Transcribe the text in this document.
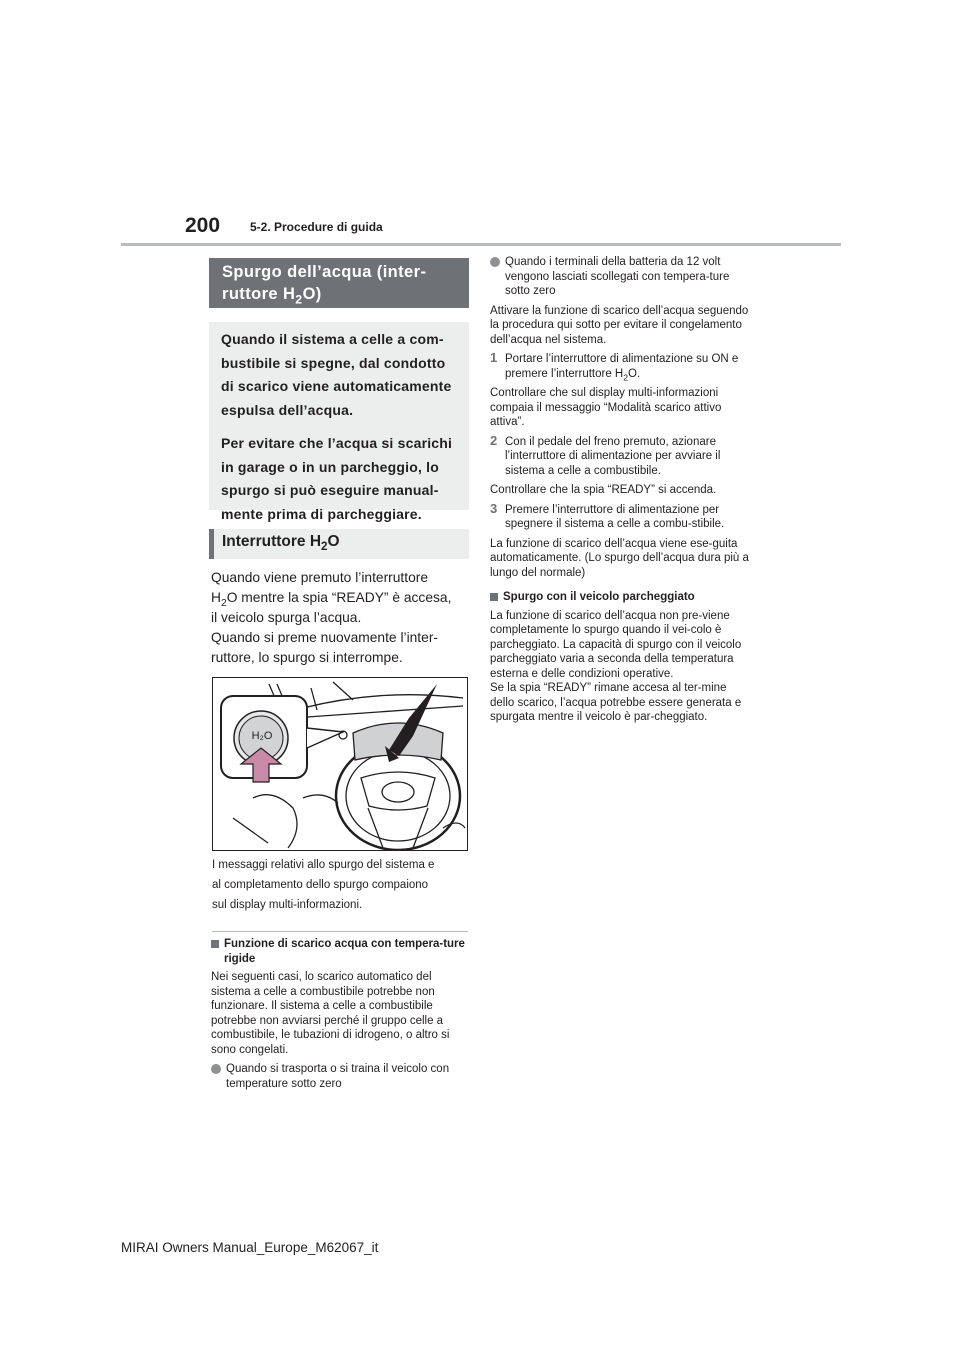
200 5-2. Procedure di guida
Spurgo dell’acqua (inter-
ruttore $H_2O$)

Quando il sistema a celle a com-bustibile si spegne, dal condotto di scarico viene automaticamente espulsa dell’acqua.

Per evitare che l’acqua si scarichi in garage o in un parcheggio, lo spurgo si può eseguire manual-mente prima di parcheggiare.

Interruttore $H_2O$

Quando viene premuto l’interruttore

$H_2O$ mentre la spia “READY” è accesa,

il veicolo spurga l’acqua.

Quando si preme nuovamente l’inter-

ruttore, lo spurgo si interrompe.

H₂O
I messaggi relativi allo spurgo del sistema e
al completamento dello spurgo compaiono
sul display multi-informazioni.

Funzione di scarico acqua con tempera-ture rigide

Nei seguenti casi, lo scarico automatico del sistema a celle a combustibile potrebbe non funzionare. Il sistema a celle a combustibile potrebbe non avviarsi perché il gruppo celle a combustibile, le tubazioni di idrogeno, o altro si sono congelati.

Quando si trasporta o si traina il veicolo con temperature sotto zero

Quando i terminali della batteria da 12 volt vengono lasciati scollegati con tempera-ture sotto zero

Attivare la funzione di scarico dell’acqua seguendo la procedura qui sotto per evitare il congelamento dell’acqua nel sistema.

1 Portare l’interruttore di alimentazione su ON e premere l’interruttore $H_2O$.

Controllare che sul display multi-informazioni compaia il messaggio “Modalità scarico attivo attiva”.

2 Con il pedale del freno premuto, azionare l’interruttore di alimentazione per avviare il sistema a celle a combustibile.

Controllare che la spia “READY” si accenda.

3 Premere l’interruttore di alimentazione per spegnere il sistema a celle a combu-stibile.

La funzione di scarico dell’acqua viene ese-guita automaticamente. (Lo spurgo dell’acqua dura più a lungo del normale)

Spurgo con il veicolo parcheggiato

La funzione di scarico dell’acqua non pre-viene completamente lo spurgo quando il vei-colo è parcheggiato. La capacità di spurgo con il veicolo parcheggiato varia a seconda della temperatura esterna e delle condizioni operative.

Se la spia “READY” rimane accesa al ter-mine dello scarico, l’acqua potrebbe essere generata e spurgata mentre il veicolo è par-cheggiato.

MIRAI Owners Manual_Europe_M62067_it
